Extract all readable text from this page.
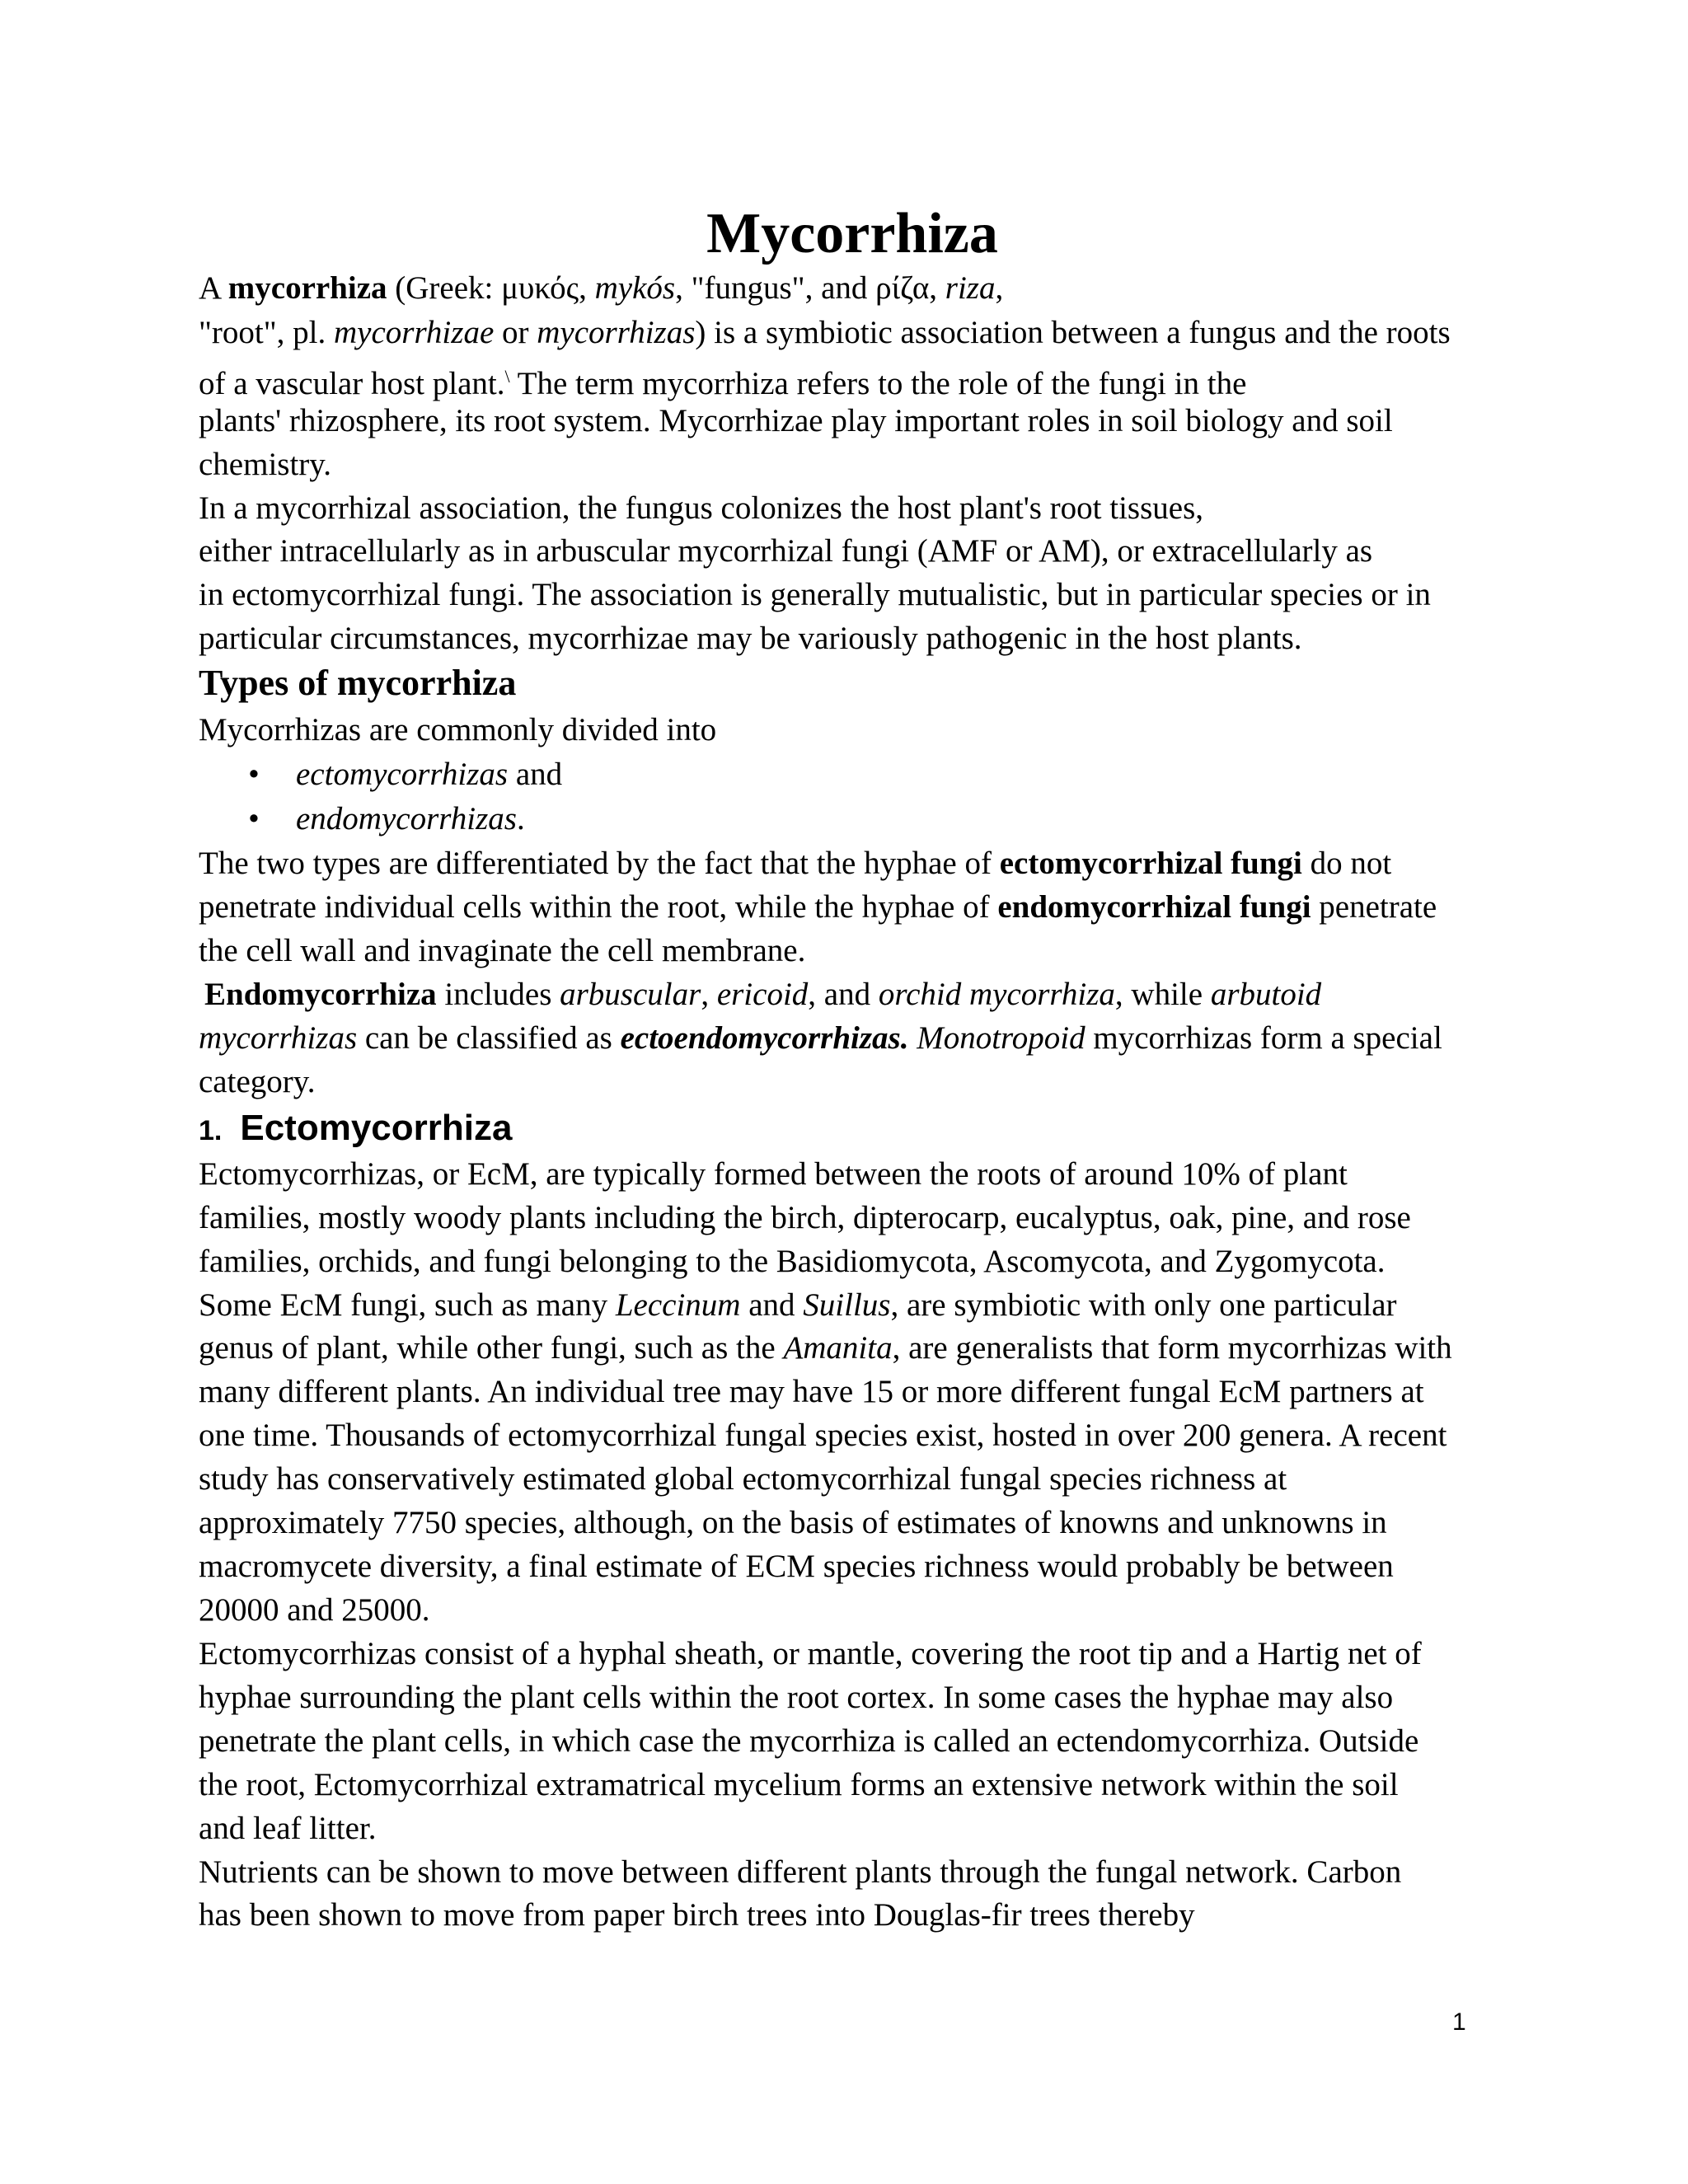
Mycorrhiza
A mycorrhiza (Greek: μυκός, mykós, "fungus", and ρίζα, riza,
"root", pl. mycorrhizae or mycorrhizas) is a symbiotic association between a fungus and the roots
of a vascular host plant.\ The term mycorrhiza refers to the role of the fungi in the
plants' rhizosphere, its root system. Mycorrhizae play important roles in soil biology and soil
chemistry.
In a mycorrhizal association, the fungus colonizes the host plant's root tissues,
either intracellularly as in arbuscular mycorrhizal fungi (AMF or AM), or extracellularly as
in ectomycorrhizal fungi. The association is generally mutualistic, but in particular species or in
particular circumstances, mycorrhizae may be variously pathogenic in the host plants.
Types of mycorrhiza
Mycorrhizas are commonly divided into
• ectomycorrhizas and
• endomycorrhizas.
The two types are differentiated by the fact that the hyphae of ectomycorrhizal fungi do not
penetrate individual cells within the root, while the hyphae of endomycorrhizal fungi penetrate
the cell wall and invaginate the cell membrane.
Endomycorrhiza includes arbuscular, ericoid, and orchid mycorrhiza, while arbutoid
mycorrhizas can be classified as ectoendomycorrhizas. Monotropoid mycorrhizas form a special
category.
1. Ectomycorrhiza
Ectomycorrhizas, or EcM, are typically formed between the roots of around 10% of plant
families, mostly woody plants including the birch, dipterocarp, eucalyptus, oak, pine, and rose
families, orchids, and fungi belonging to the Basidiomycota, Ascomycota, and Zygomycota.
Some EcM fungi, such as many Leccinum and Suillus, are symbiotic with only one particular
genus of plant, while other fungi, such as the Amanita, are generalists that form mycorrhizas with
many different plants. An individual tree may have 15 or more different fungal EcM partners at
one time. Thousands of ectomycorrhizal fungal species exist, hosted in over 200 genera. A recent
study has conservatively estimated global ectomycorrhizal fungal species richness at
approximately 7750 species, although, on the basis of estimates of knowns and unknowns in
macromycete diversity, a final estimate of ECM species richness would probably be between
20000 and 25000.
Ectomycorrhizas consist of a hyphal sheath, or mantle, covering the root tip and a Hartig net of
hyphae surrounding the plant cells within the root cortex. In some cases the hyphae may also
penetrate the plant cells, in which case the mycorrhiza is called an ectendomycorrhiza. Outside
the root, Ectomycorrhizal extramatrical mycelium forms an extensive network within the soil
and leaf litter.
Nutrients can be shown to move between different plants through the fungal network. Carbon
has been shown to move from paper birch trees into Douglas-fir trees thereby
1
